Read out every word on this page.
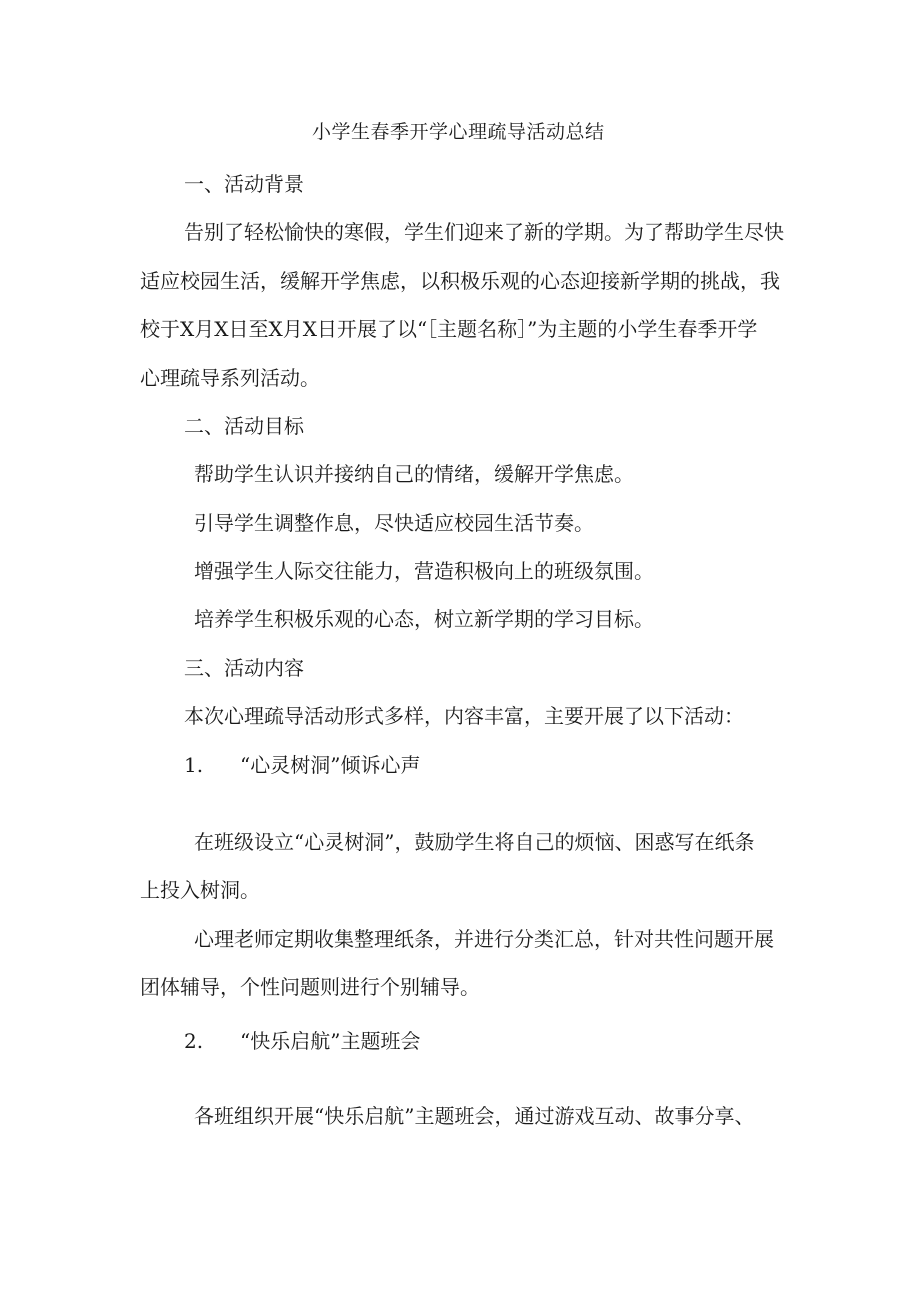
小学生春季开学心理疏导活动总结
一、活动背景
告别了轻松愉快的寒假，学生们迎来了新的学期。为了帮助学生尽快
适应校园生活，缓解开学焦虑，以积极乐观的心态迎接新学期的挑战，我
校于X月X日至X月X日开展了以“［主题名称］”为主题的小学生春季开学
心理疏导系列活动。
二、活动目标
帮助学生认识并接纳自己的情绪，缓解开学焦虑。
引导学生调整作息，尽快适应校园生活节奏。
增强学生人际交往能力，营造积极向上的班级氛围。
培养学生积极乐观的心态，树立新学期的学习目标。
三、活动内容
本次心理疏导活动形式多样，内容丰富，主要开展了以下活动：
1. “心灵树洞”倾诉心声
在班级设立“心灵树洞”，鼓励学生将自己的烦恼、困惑写在纸条
上投入树洞。
心理老师定期收集整理纸条，并进行分类汇总，针对共性问题开展
团体辅导，个性问题则进行个别辅导。
2. “快乐启航”主题班会
各班组织开展“快乐启航”主题班会，通过游戏互动、故事分享、
